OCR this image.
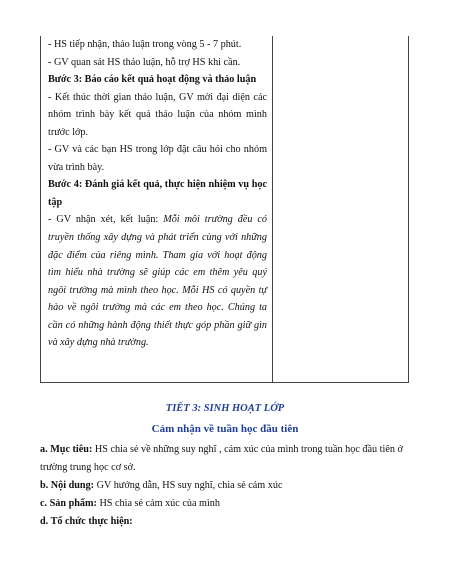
- HS tiếp nhận, thảo luận trong vòng 5 - 7 phút.

- GV quan sát HS thảo luận, hỗ trợ HS khi cần.

Bước 3: Báo cáo kết quả hoạt động và thảo luận

- Kết thúc thời gian thảo luận, GV mời đại diện các nhóm trình bày kết quả thảo luận của nhóm mình trước lớp.

- GV và các bạn HS trong lớp đặt câu hỏi cho nhóm vừa trình bày.

Bước 4: Đánh giá kết quả, thực hiện nhiệm vụ học tập

- GV nhận xét, kết luận: Mỗi môi trường đều có truyền thống xây dựng và phát triển cùng với những đặc điểm của riêng mình. Tham gia với hoạt động tìm hiểu nhà trường sẽ giúp các em thêm yêu quý ngôi trường mà mình theo học. Mỗi HS có quyền tự hào về ngôi trường mà các em theo học. Chúng ta cần có những hành động thiết thực góp phần giữ gìn và xây dựng nhà trường.

TIẾT 3: SINH HOẠT LỚP
Cảm nhận về tuần học đầu tiên

a. Mục tiêu: HS chia sẻ về những suy nghĩ , cảm xúc của mình trong tuần học đầu tiên ở trường trung học cơ sở.

b. Nội dung: GV hướng dẫn, HS suy nghĩ, chia sẻ cảm xúc

c. Sản phẩm: HS chia sẻ cảm xúc của mình

d. Tổ chức thực hiện:
